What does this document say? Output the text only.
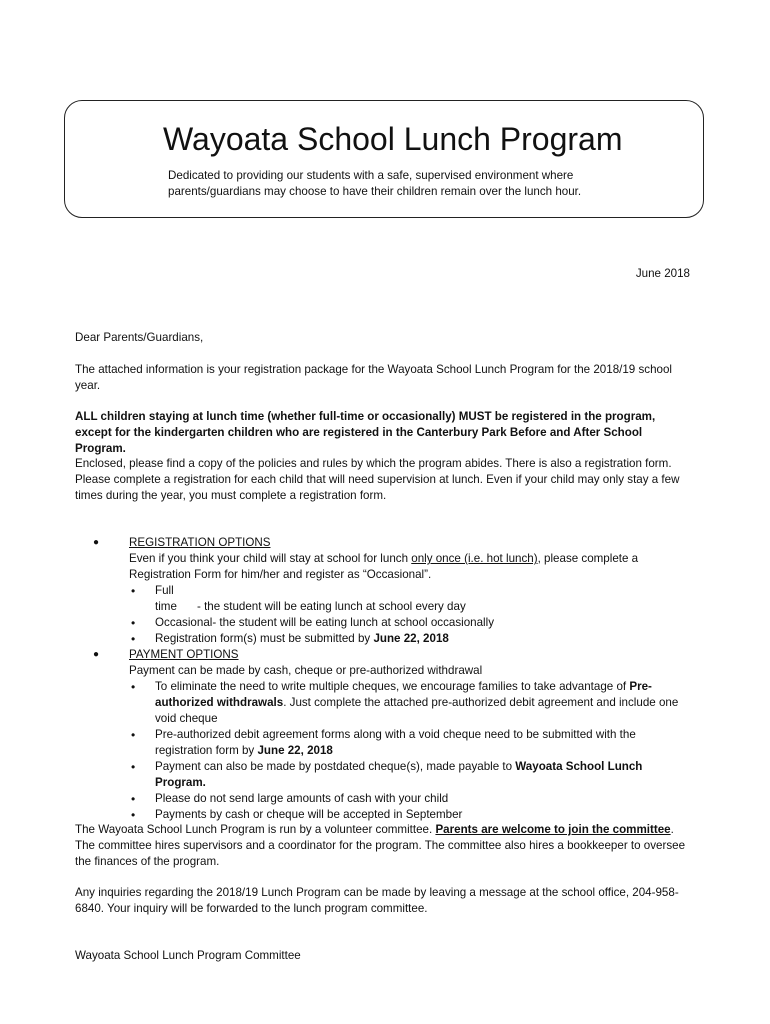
Wayoata School Lunch Program
Dedicated to providing our students with a safe, supervised environment where parents/guardians may choose to have their children remain over the lunch hour.
June 2018
Dear Parents/Guardians,
The attached information is your registration package for the Wayoata School Lunch Program for the 2018/19 school year.
ALL children staying at lunch time (whether full-time or occasionally) MUST be registered in the program, except for the kindergarten children who are registered in the Canterbury Park Before and After School Program.
Enclosed, please find a copy of the policies and rules by which the program abides. There is also a registration form. Please complete a registration for each child that will need supervision at lunch. Even if your child may only stay a few times during the year, you must complete a registration form.
●	REGISTRATION OPTIONS
Even if you think your child will stay at school for lunch only once (i.e. hot lunch), please complete a Registration Form for him/her and register as “Occasional”.
• Full time - the student will be eating lunch at school every day
• Occasional- the student will be eating lunch at school occasionally
• Registration form(s) must be submitted by June 22, 2018
●	PAYMENT OPTIONS
Payment can be made by cash, cheque or pre-authorized withdrawal
• To eliminate the need to write multiple cheques, we encourage families to take advantage of Pre-authorized withdrawals. Just complete the attached pre-authorized debit agreement and include one void cheque
• Pre-authorized debit agreement forms along with a void cheque need to be submitted with the registration form by June 22, 2018
• Payment can also be made by postdated cheque(s), made payable to Wayoata School Lunch Program.
• Please do not send large amounts of cash with your child
• Payments by cash or cheque will be accepted in September
The Wayoata School Lunch Program is run by a volunteer committee. Parents are welcome to join the committee. The committee hires supervisors and a coordinator for the program. The committee also hires a bookkeeper to oversee the finances of the program.
Any inquiries regarding the 2018/19 Lunch Program can be made by leaving a message at the school office, 204-958-6840. Your inquiry will be forwarded to the lunch program committee.
Wayoata School Lunch Program Committee
